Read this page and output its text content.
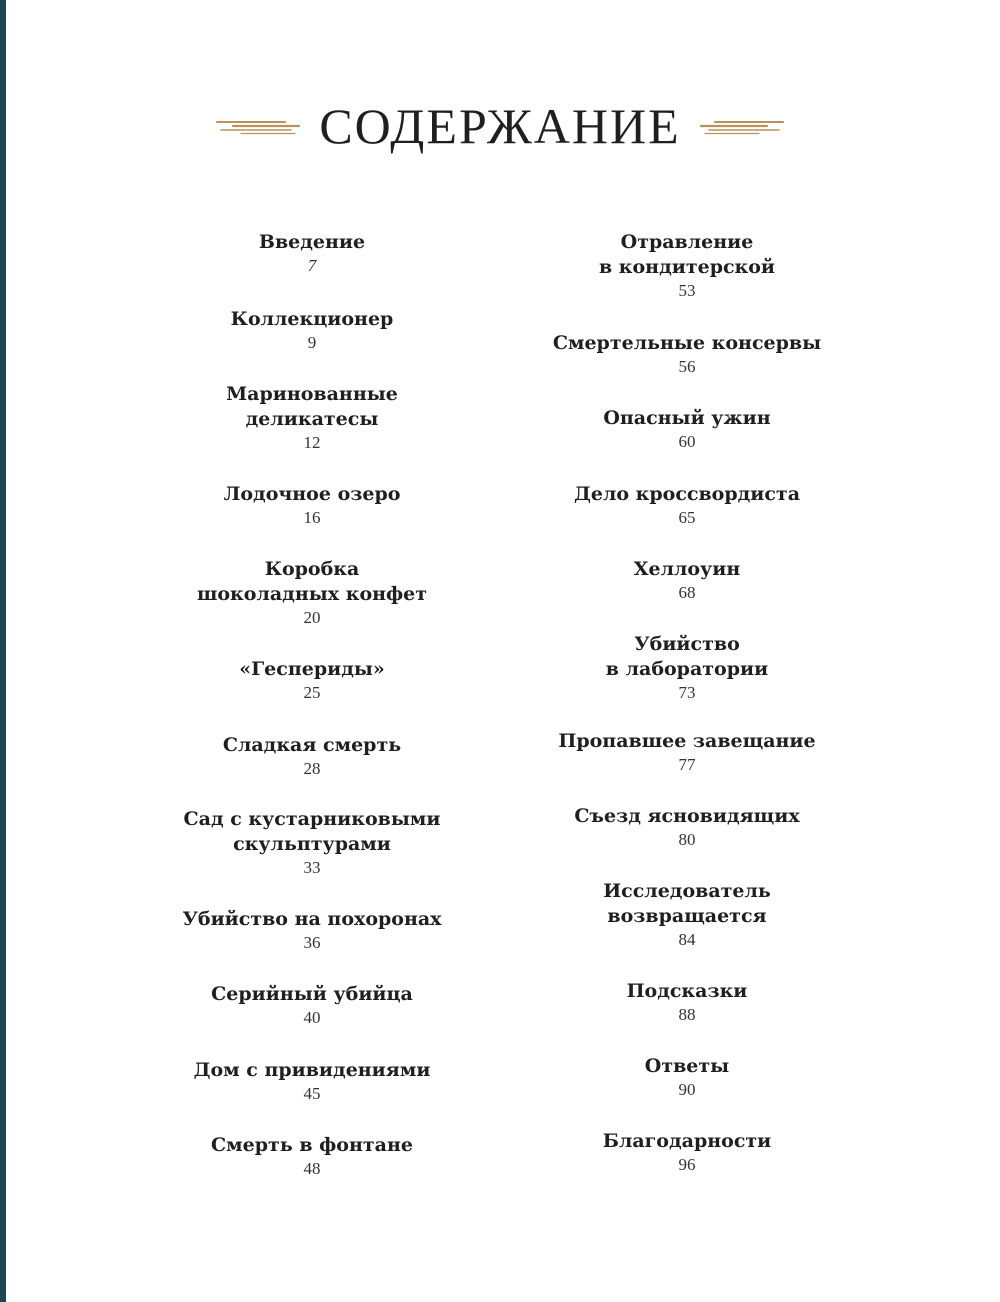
СОДЕРЖАНИЕ
Введение
7
Коллекционер
9
Маринованные
деликатесы
12
Лодочное озеро
16
Коробка
шоколадных конфет
20
«Геспериды»
25
Сладкая смерть
28
Сад с кустарниковыми
скульптурами
33
Убийство на похоронах
36
Серийный убийца
40
Дом с привидениями
45
Смерть в фонтане
48
Отравление
в кондитерской
53
Смертельные консервы
56
Опасный ужин
60
Дело кроссвордиста
65
Хеллоуин
68
Убийство
в лаборатории
73
Пропавшее завещание
77
Съезд ясновидящих
80
Исследователь
возвращается
84
Подсказки
88
Ответы
90
Благодарности
96
